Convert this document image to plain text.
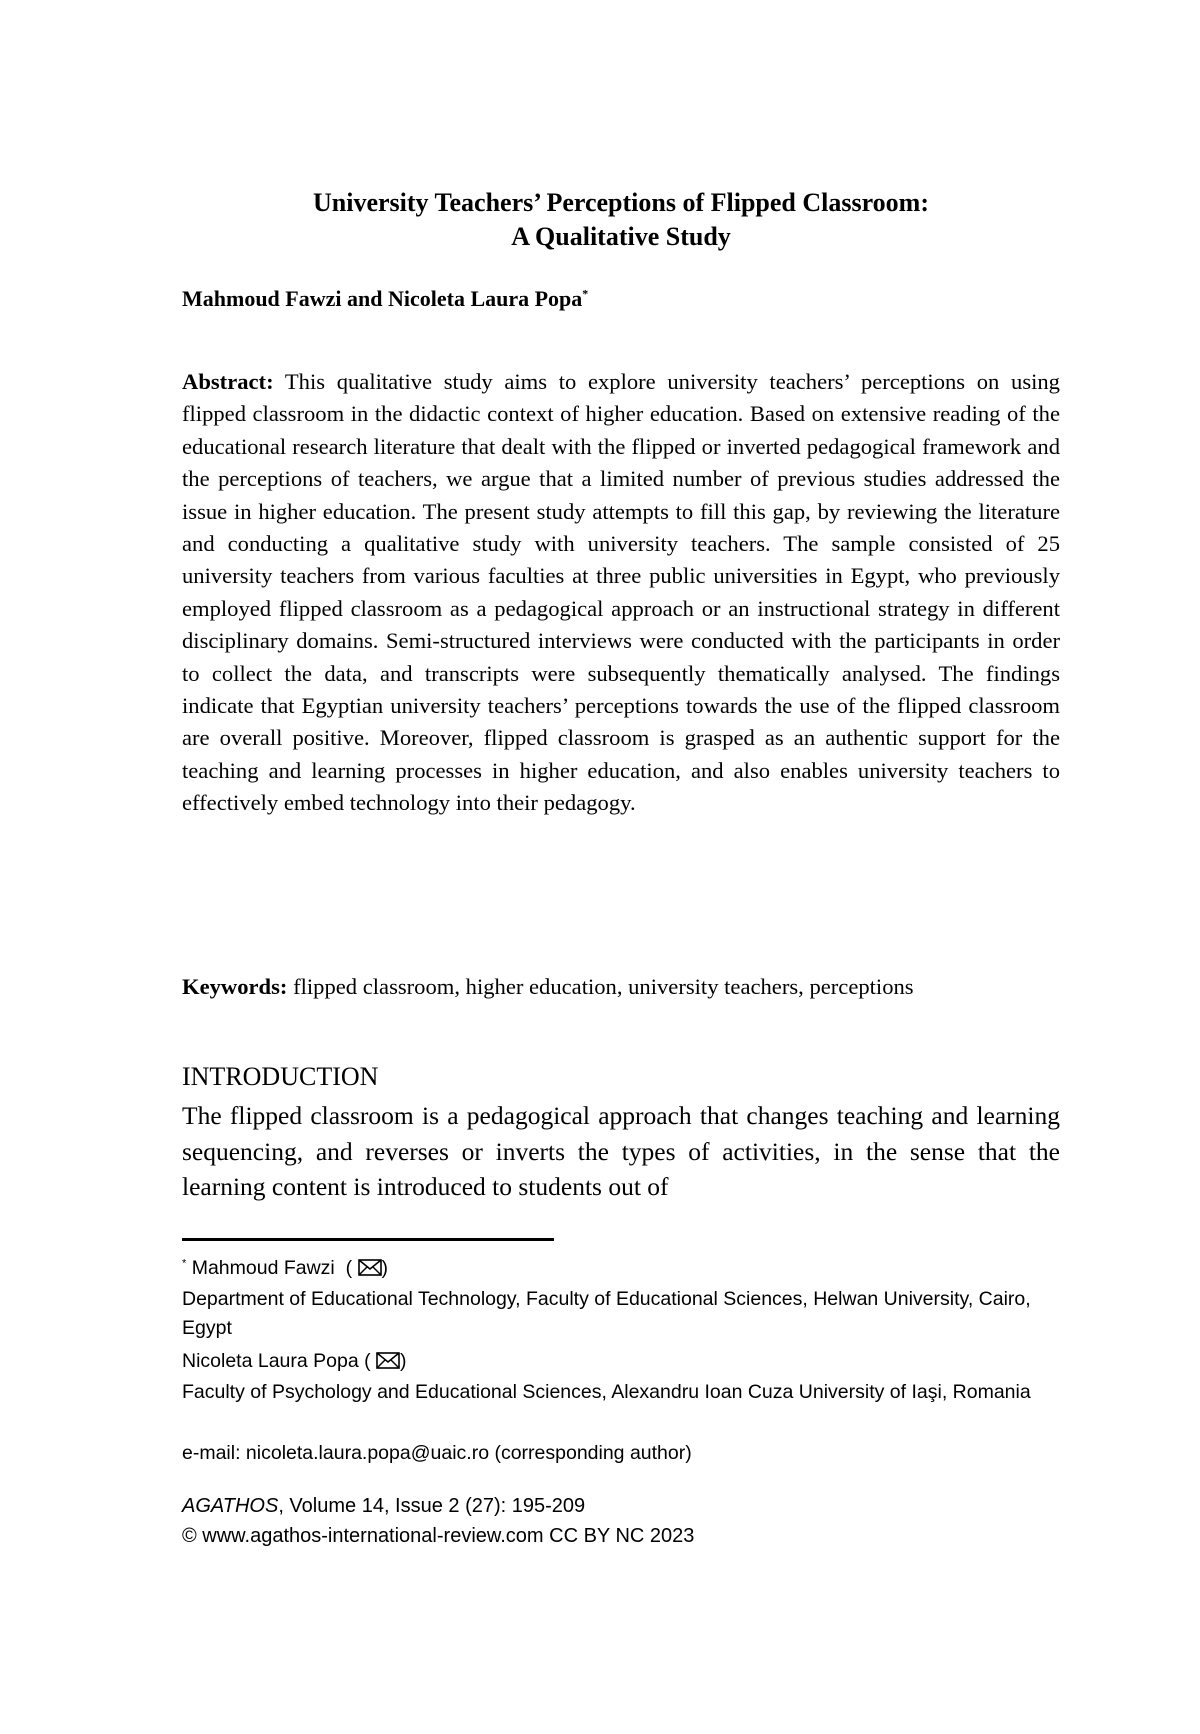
University Teachers’ Perceptions of Flipped Classroom:
A Qualitative Study
Mahmoud Fawzi and Nicoleta Laura Popa*

Abstract: This qualitative study aims to explore university teachers’ perceptions on using flipped classroom in the didactic context of higher education. Based on extensive reading of the educational research literature that dealt with the flipped or inverted pedagogical framework and the perceptions of teachers, we argue that a limited number of previous studies addressed the issue in higher education. The present study attempts to fill this gap, by reviewing the literature and conducting a qualitative study with university teachers. The sample consisted of 25 university teachers from various faculties at three public universities in Egypt, who previously employed flipped classroom as a pedagogical approach or an instructional strategy in different disciplinary domains. Semi-structured interviews were conducted with the participants in order to collect the data, and transcripts were subsequently thematically analysed. The findings indicate that Egyptian university teachers’ perceptions towards the use of the flipped classroom are overall positive. Moreover, flipped classroom is grasped as an authentic support for the teaching and learning processes in higher education, and also enables university teachers to effectively embed technology into their pedagogy.

Keywords: flipped classroom, higher education, university teachers, perceptions

INTRODUCTION

The flipped classroom is a pedagogical approach that changes teaching and learning sequencing, and reverses or inverts the types of activities, in the sense that the learning content is introduced to students out of

* Mahmoud Fawzi  ( )

Department of Educational Technology, Faculty of Educational Sciences, Helwan University, Cairo, Egypt

Nicoleta Laura Popa ( )

Faculty of Psychology and Educational Sciences, Alexandru Ioan Cuza University of Iaşi, Romania

e-mail: nicoleta.laura.popa@uaic.ro (corresponding author)

AGATHOS, Volume 14, Issue 2 (27): 195-209

© www.agathos-international-review.com CC BY NC 2023
